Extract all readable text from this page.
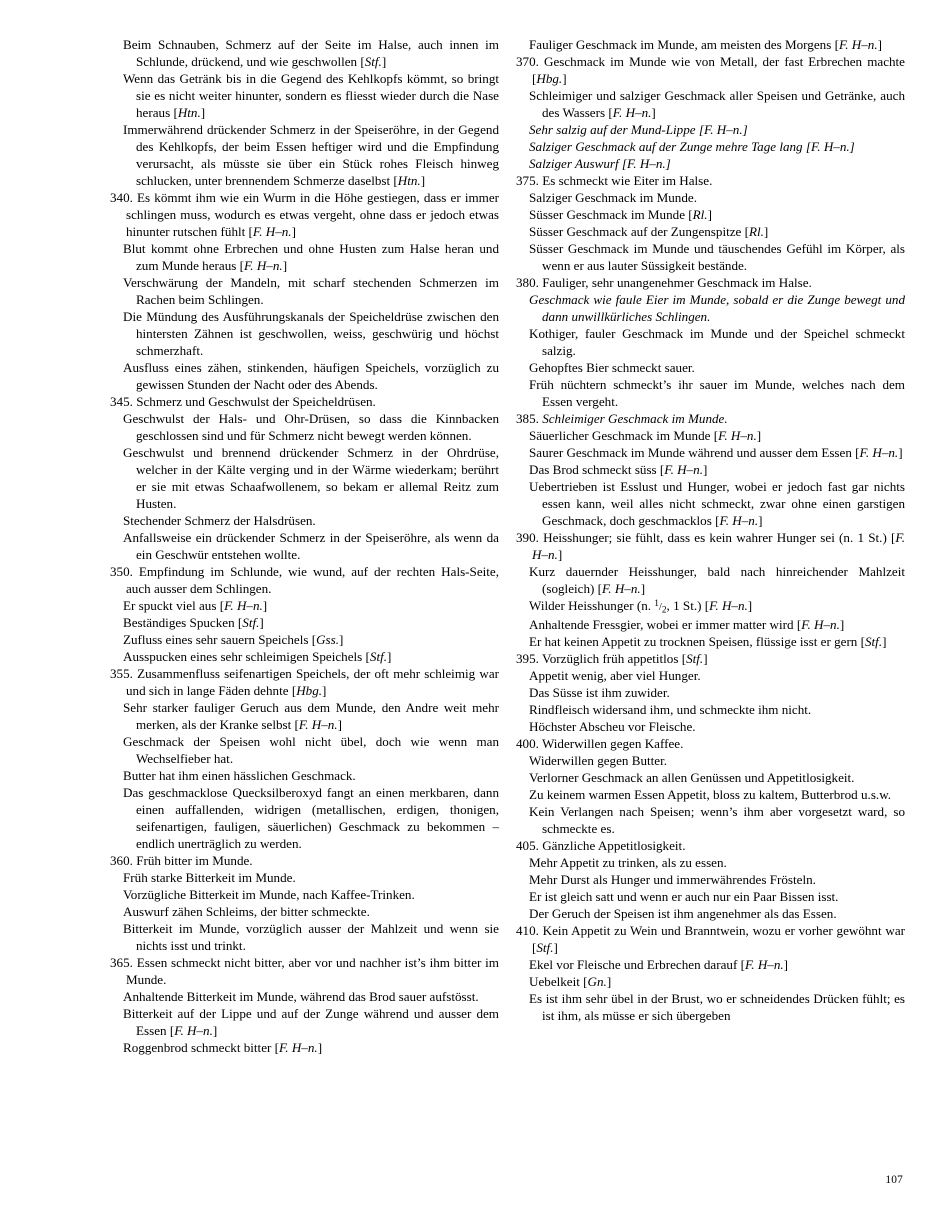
Beim Schnauben, Schmerz auf der Seite im Halse, auch innen im Schlunde, drückend, und wie geschwollen [Stf.]

Wenn das Getränk bis in die Gegend des Kehlkopfs kömmt, so bringt sie es nicht weiter hinunter, sondern es fliesst wieder durch die Nase heraus [Htn.]

Immerwährend drückender Schmerz in der Speiseröhre, in der Gegend des Kehlkopfs, der beim Essen heftiger wird und die Empfindung verursacht, als müsste sie über ein Stück rohes Fleisch hinweg schlucken, unter brennendem Schmerze daselbst [Htn.]

340. Es kömmt ihm wie ein Wurm in die Höhe gestiegen, dass er immer schlingen muss, wodurch es etwas vergeht, ohne dass er jedoch etwas hinunter rutschen fühlt [F. H–n.]

Blut kommt ohne Erbrechen und ohne Husten zum Halse heran und zum Munde heraus [F. H–n.]

Verschwärung der Mandeln, mit scharf stechenden Schmerzen im Rachen beim Schlingen.

Die Mündung des Ausführungskanals der Speicheldrüse zwischen den hintersten Zähnen ist geschwollen, weiss, geschwürig und höchst schmerzhaft.

Ausfluss eines zähen, stinkenden, häufigen Speichels, vorzüglich zu gewissen Stunden der Nacht oder des Abends.

345. Schmerz und Geschwulst der Speicheldrüsen.

Geschwulst der Hals- und Ohr-Drüsen, so dass die Kinnbacken geschlossen sind und für Schmerz nicht bewegt werden können.

Geschwulst und brennend drückender Schmerz in der Ohrdrüse, welcher in der Kälte verging und in der Wärme wiederkam; berührt er sie mit etwas Schaafwollenem, so bekam er allemal Reitz zum Husten.

Stechender Schmerz der Halsdrüsen.

Anfallsweise ein drückender Schmerz in der Speiseröhre, als wenn da ein Geschwür entstehen wollte.

350. Empfindung im Schlunde, wie wund, auf der rechten Hals-Seite, auch ausser dem Schlingen.

Er spuckt viel aus [F. H–n.]

Beständiges Spucken [Stf.]

Zufluss eines sehr sauern Speichels [Gss.]

Ausspucken eines sehr schleimigen Speichels [Stf.]

355. Zusammenfluss seifenartigen Speichels, der oft mehr schleimig war und sich in lange Fäden dehnte [Hbg.]

Sehr starker fauliger Geruch aus dem Munde, den Andre weit mehr merken, als der Kranke selbst [F. H–n.]

Geschmack der Speisen wohl nicht übel, doch wie wenn man Wechselfieber hat.

Butter hat ihm einen hässlichen Geschmack.

Das geschmacklose Quecksilberoxyd fangt an einen merkbaren, dann einen auffallenden, widrigen (metallischen, erdigen, thonigen, seifenartigen, fauligen, säuerlichen) Geschmack zu bekommen – endlich unerträglich zu werden.

360. Früh bitter im Munde.

Früh starke Bitterkeit im Munde.

Vorzügliche Bitterkeit im Munde, nach Kaffee-Trinken.

Auswurf zähen Schleims, der bitter schmeckte.

Bitterkeit im Munde, vorzüglich ausser der Mahlzeit und wenn sie nichts isst und trinkt.

365. Essen schmeckt nicht bitter, aber vor und nachher ist’s ihm bitter im Munde.

Anhaltende Bitterkeit im Munde, während das Brod sauer aufstösst.

Bitterkeit auf der Lippe und auf der Zunge während und ausser dem Essen [F. H–n.]

Roggenbrod schmeckt bitter [F. H–n.]

Fauliger Geschmack im Munde, am meisten des Morgens [F. H–n.]

370. Geschmack im Munde wie von Metall, der fast Erbrechen machte [Hbg.]

Schleimiger und salziger Geschmack aller Speisen und Getränke, auch des Wassers [F. H–n.]

Sehr salzig auf der Mund-Lippe [F. H–n.]

Salziger Geschmack auf der Zunge mehre Tage lang [F. H–n.]

Salziger Auswurf [F. H–n.]

375. Es schmeckt wie Eiter im Halse.

Salziger Geschmack im Munde.

Süsser Geschmack im Munde [Rl.]

Süsser Geschmack auf der Zungenspitze [Rl.]

Süsser Geschmack im Munde und täuschendes Gefühl im Körper, als wenn er aus lauter Süssigkeit bestände.

380. Fauliger, sehr unangenehmer Geschmack im Halse.

Geschmack wie faule Eier im Munde, sobald er die Zunge bewegt und dann unwillkürliches Schlingen.

Kothiger, fauler Geschmack im Munde und der Speichel schmeckt salzig.

Gehopftes Bier schmeckt sauer.

Früh nüchtern schmeckt’s ihr sauer im Munde, welches nach dem Essen vergeht.

385. Schleimiger Geschmack im Munde.

Säuerlicher Geschmack im Munde [F. H–n.]

Saurer Geschmack im Munde während und ausser dem Essen [F. H–n.]

Das Brod schmeckt süss [F. H–n.]

Uebertrieben ist Esslust und Hunger, wobei er jedoch fast gar nichts essen kann, weil alles nicht schmeckt, zwar ohne einen garstigen Geschmack, doch geschmacklos [F. H–n.]

390. Heisshunger; sie fühlt, dass es kein wahrer Hunger sei (n. 1 St.) [F. H–n.]

Kurz dauernder Heisshunger, bald nach hinreichender Mahlzeit (sogleich) [F. H–n.]

Wilder Heisshunger (n. $^1/_2$, 1 St.) [F. H–n.]

Anhaltende Fressgier, wobei er immer matter wird [F. H–n.]

Er hat keinen Appetit zu trocknen Speisen, flüssige isst er gern [Stf.]

395. Vorzüglich früh appetitlos [Stf.]

Appetit wenig, aber viel Hunger.

Das Süsse ist ihm zuwider.

Rindfleisch widersand ihm, und schmeckte ihm nicht.

Höchster Abscheu vor Fleische.

400. Widerwillen gegen Kaffee.

Widerwillen gegen Butter.

Verlorner Geschmack an allen Genüssen und Appetitlosigkeit.

Zu keinem warmen Essen Appetit, bloss zu kaltem, Butterbrod u.s.w.

Kein Verlangen nach Speisen; wenn’s ihm aber vorgesetzt ward, so schmeckte es.

405. Gänzliche Appetitlosigkeit.

Mehr Appetit zu trinken, als zu essen.

Mehr Durst als Hunger und immerwährendes Frösteln.

Er ist gleich satt und wenn er auch nur ein Paar Bissen isst.

Der Geruch der Speisen ist ihm angenehmer als das Essen.

410. Kein Appetit zu Wein und Branntwein, wozu er vorher gewöhnt war [Stf.]

Ekel vor Fleische und Erbrechen darauf [F. H–n.]

Uebelkeit [Gn.]

Es ist ihm sehr übel in der Brust, wo er schneidendes Drücken fühlt; es ist ihm, als müsse er sich übergeben

107
